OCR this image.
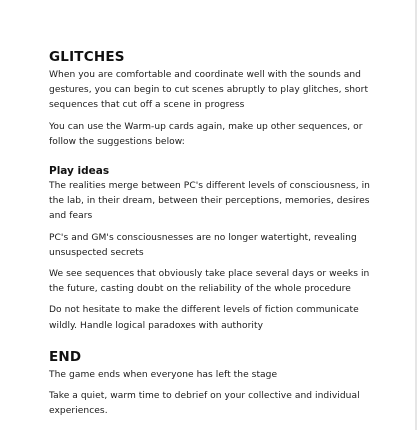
GLITCHES
When you are comfortable and coordinate well with the sounds and gestures, you can begin to cut scenes abruptly to play glitches, short sequences that cut off a scene in progress
You can use the Warm-up cards again, make up other sequences, or follow the suggestions below:
Play ideas
The realities merge between PC's different levels of consciousness, in the lab, in their dream, between their perceptions, memories, desires and fears
PC's and GM's consciousnesses are no longer watertight, revealing unsuspected secrets
We see sequences that obviously take place several days or weeks in the future, casting doubt on the reliability of the whole procedure
Do not hesitate to make the different levels of fiction communicate wildly. Handle logical paradoxes with authority
END
The game ends when everyone has left the stage
Take a quiet, warm time to debrief on your collective and individual experiences.
